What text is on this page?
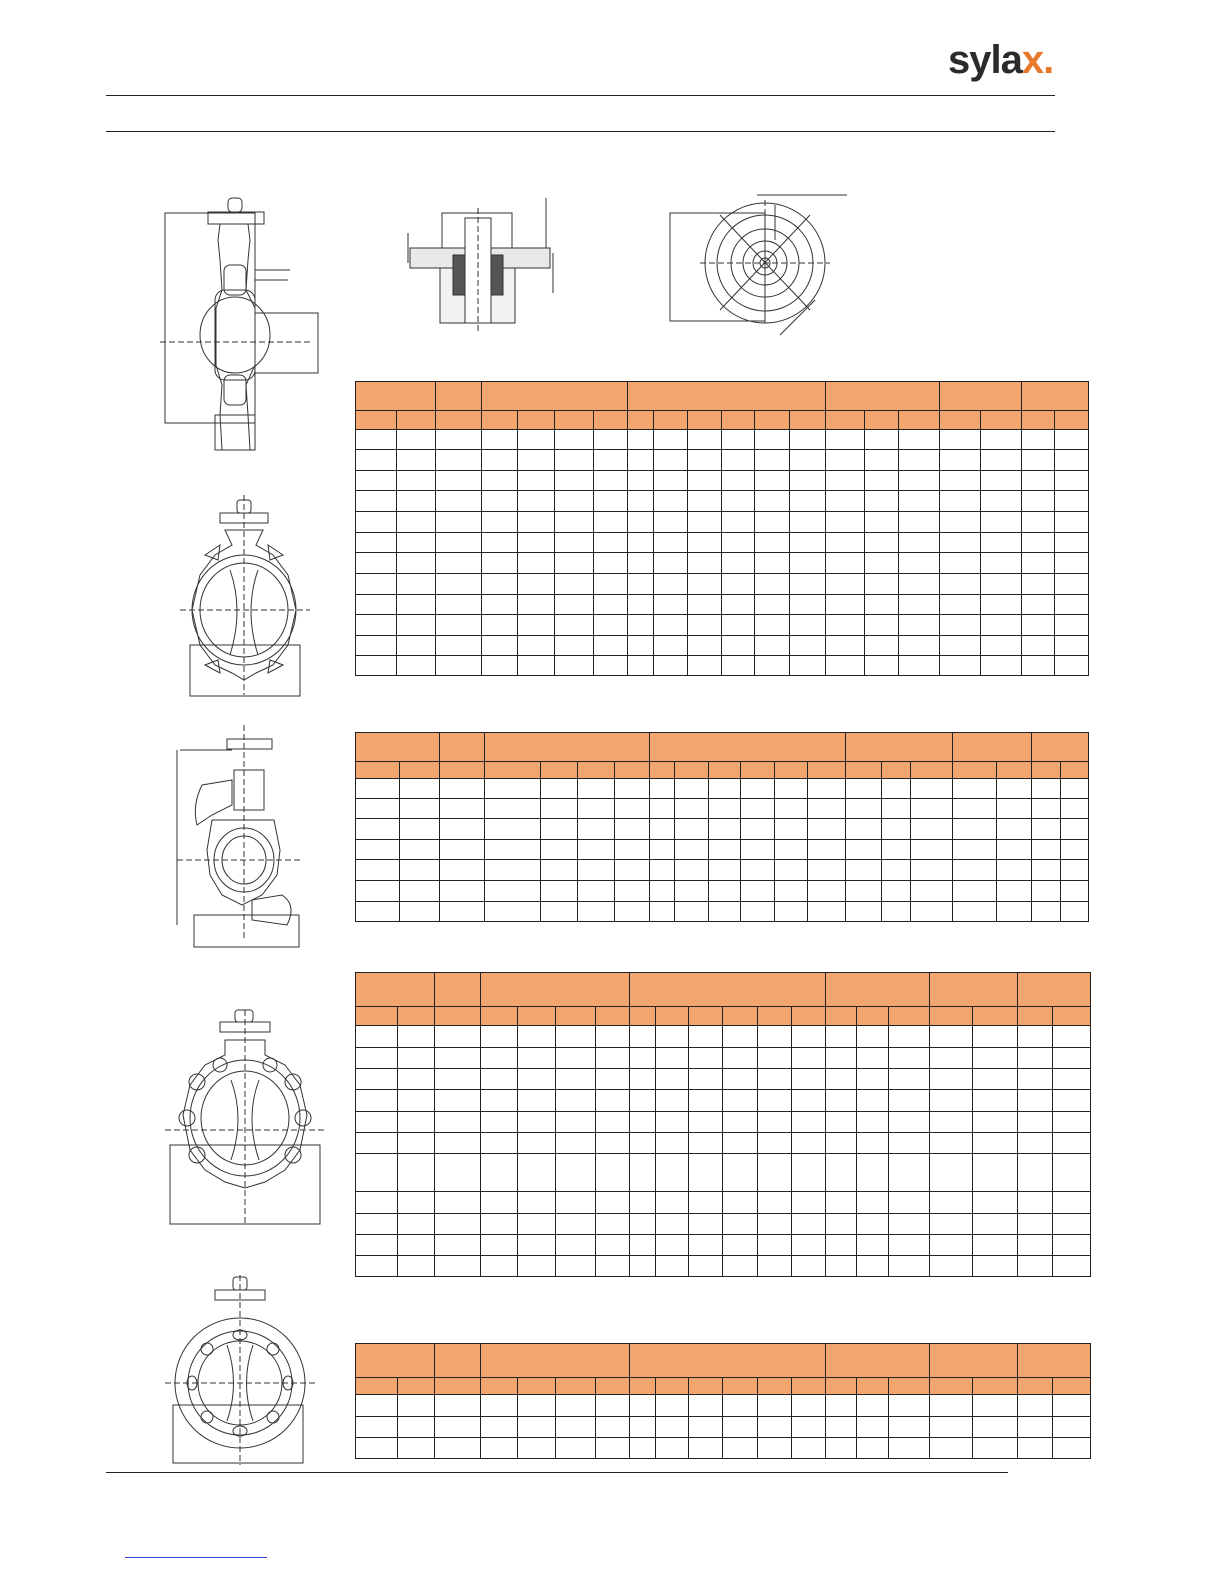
sylax.
